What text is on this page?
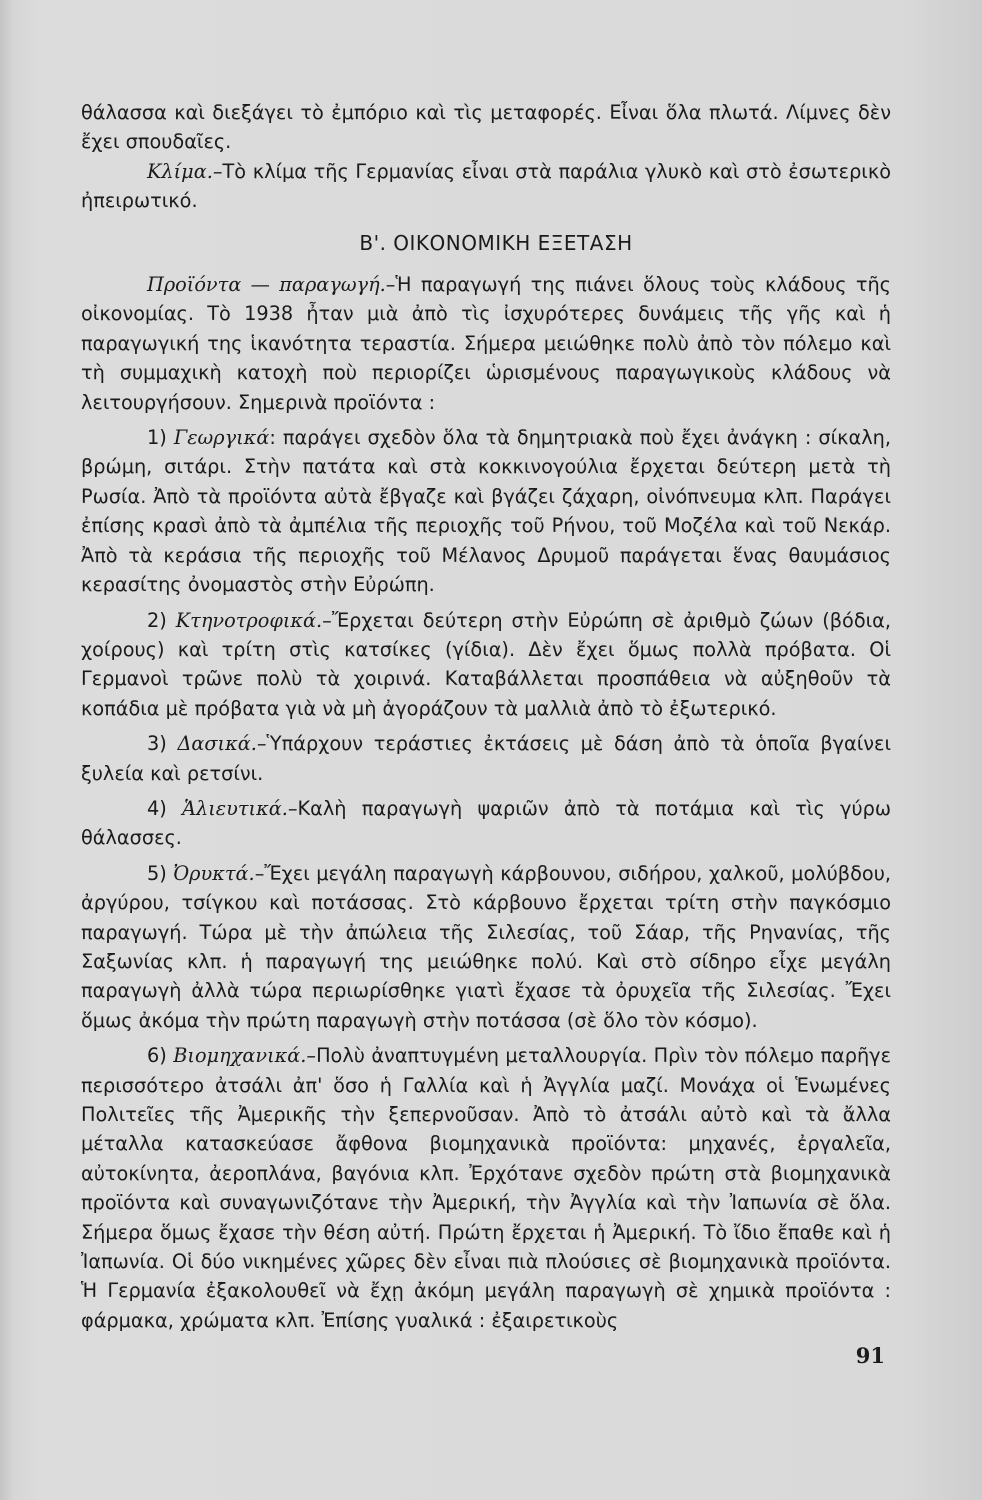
θάλασσα καὶ διεξάγει τὸ ἐμπόριο καὶ τὶς μεταφορές. Εἶναι ὅλα πλωτά. Λίμνες δὲν ἔχει σπουδαῖες.

Κλίμα.–Τὸ κλίμα τῆς Γερμανίας εἶναι στὰ παράλια γλυκὸ καὶ στὸ ἐσωτερικὸ ἠπειρωτικό.

Β'. ΟΙΚΟΝΟΜΙΚΗ ΕΞΕΤΑΣΗ

Προϊόντα — παραγωγή.–Ἡ παραγωγή της πιάνει ὅλους τοὺς κλάδους τῆς οἰκονομίας. Τὸ 1938 ἦταν μιὰ ἀπὸ τὶς ἰσχυρότερες δυνάμεις τῆς γῆς καὶ ἡ παραγωγική της ἱκανότητα τεραστία. Σήμερα μειώθηκε πολὺ ἀπὸ τὸν πόλεμο καὶ τὴ συμμαχικὴ κατοχὴ ποὺ περιορίζει ὡρισμένους παραγωγικοὺς κλάδους νὰ λειτουργήσουν. Σημερινὰ προϊόντα :

1) Γεωργικά: παράγει σχεδὸν ὅλα τὰ δημητριακὰ ποὺ ἔχει ἀνάγκη : σίκαλη, βρώμη, σιτάρι. Στὴν πατάτα καὶ στὰ κοκκινογούλια ἔρχεται δεύτερη μετὰ τὴ Ρωσία. Ἀπὸ τὰ προϊόντα αὐτὰ ἔβγαζε καὶ βγάζει ζάχαρη, οἰνόπνευμα κλπ. Παράγει ἐπίσης κρασὶ ἀπὸ τὰ ἀμπέλια τῆς περιοχῆς τοῦ Ρήνου, τοῦ Μοζέλα καὶ τοῦ Νεκάρ. Ἀπὸ τὰ κεράσια τῆς περιοχῆς τοῦ Μέλανος Δρυμοῦ παράγεται ἕνας θαυμάσιος κερασίτης ὀνομαστὸς στὴν Εὐρώπη.

2) Κτηνοτροφικά.–Ἔρχεται δεύτερη στὴν Εὐρώπη σὲ ἀριθμὸ ζώων (βόδια, χοίρους) καὶ τρίτη στὶς κατσίκες (γίδια). Δὲν ἔχει ὅμως πολλὰ πρόβατα. Οἱ Γερμανοὶ τρῶνε πολὺ τὰ χοιρινά. Καταβάλλεται προσπάθεια νὰ αὐξηθοῦν τὰ κοπάδια μὲ πρόβατα γιὰ νὰ μὴ ἀγοράζουν τὰ μαλλιὰ ἀπὸ τὸ ἐξωτερικό.

3) Δασικά.–Ὑπάρχουν τεράστιες ἐκτάσεις μὲ δάση ἀπὸ τὰ ὁποῖα βγαίνει ξυλεία καὶ ρετσίνι.

4) Ἁλιευτικά.–Καλὴ παραγωγὴ ψαριῶν ἀπὸ τὰ ποτάμια καὶ τὶς γύρω θάλασσες.

5) Ὀρυκτά.–Ἔχει μεγάλη παραγωγὴ κάρβουνου, σιδήρου, χαλκοῦ, μολύβδου, ἀργύρου, τσίγκου καὶ ποτάσσας. Στὸ κάρβουνο ἔρχεται τρίτη στὴν παγκόσμιο παραγωγή. Τώρα μὲ τὴν ἀπώλεια τῆς Σιλεσίας, τοῦ Σάαρ, τῆς Ρηνανίας, τῆς Σαξωνίας κλπ. ἡ παραγωγή της μειώθηκε πολύ. Καὶ στὸ σίδηρο εἶχε μεγάλη παραγωγὴ ἀλλὰ τώρα περιωρίσθηκε γιατὶ ἔχασε τὰ ὀρυχεῖα τῆς Σιλεσίας. Ἔχει ὅμως ἀκόμα τὴν πρώτη παραγωγὴ στὴν ποτάσσα (σὲ ὅλο τὸν κόσμο).

6) Βιομηχανικά.–Πολὺ ἀναπτυγμένη μεταλλουργία. Πρὶν τὸν πόλεμο παρῆγε περισσότερο ἀτσάλι ἀπ' ὅσο ἡ Γαλλία καὶ ἡ Ἀγγλία μαζί. Μονάχα οἱ Ἑνωμένες Πολιτεῖες τῆς Ἀμερικῆς τὴν ξεπερνοῦσαν. Ἀπὸ τὸ ἀτσάλι αὐτὸ καὶ τὰ ἄλλα μέταλλα κατασκεύασε ἄφθονα βιομηχανικὰ προϊόντα: μηχανές, ἐργαλεῖα, αὐτοκίνητα, ἀεροπλάνα, βαγόνια κλπ. Ἐρχότανε σχεδὸν πρώτη στὰ βιομηχανικὰ προϊόντα καὶ συναγωνιζότανε τὴν Ἀμερική, τὴν Ἀγγλία καὶ τὴν Ἰαπωνία σὲ ὅλα. Σήμερα ὅμως ἔχασε τὴν θέση αὐτή. Πρώτη ἔρχεται ἡ Ἀμερική. Τὸ ἴδιο ἔπαθε καὶ ἡ Ἰαπωνία. Οἱ δύο νικημένες χῶρες δὲν εἶναι πιὰ πλούσιες σὲ βιομηχανικὰ προϊόντα. Ἡ Γερμανία ἐξακολουθεῖ νὰ ἔχῃ ἀκόμη μεγάλη παραγωγὴ σὲ χημικὰ προϊόντα : φάρμακα, χρώματα κλπ. Ἐπίσης γυαλικά : ἐξαιρετικοὺς

91
